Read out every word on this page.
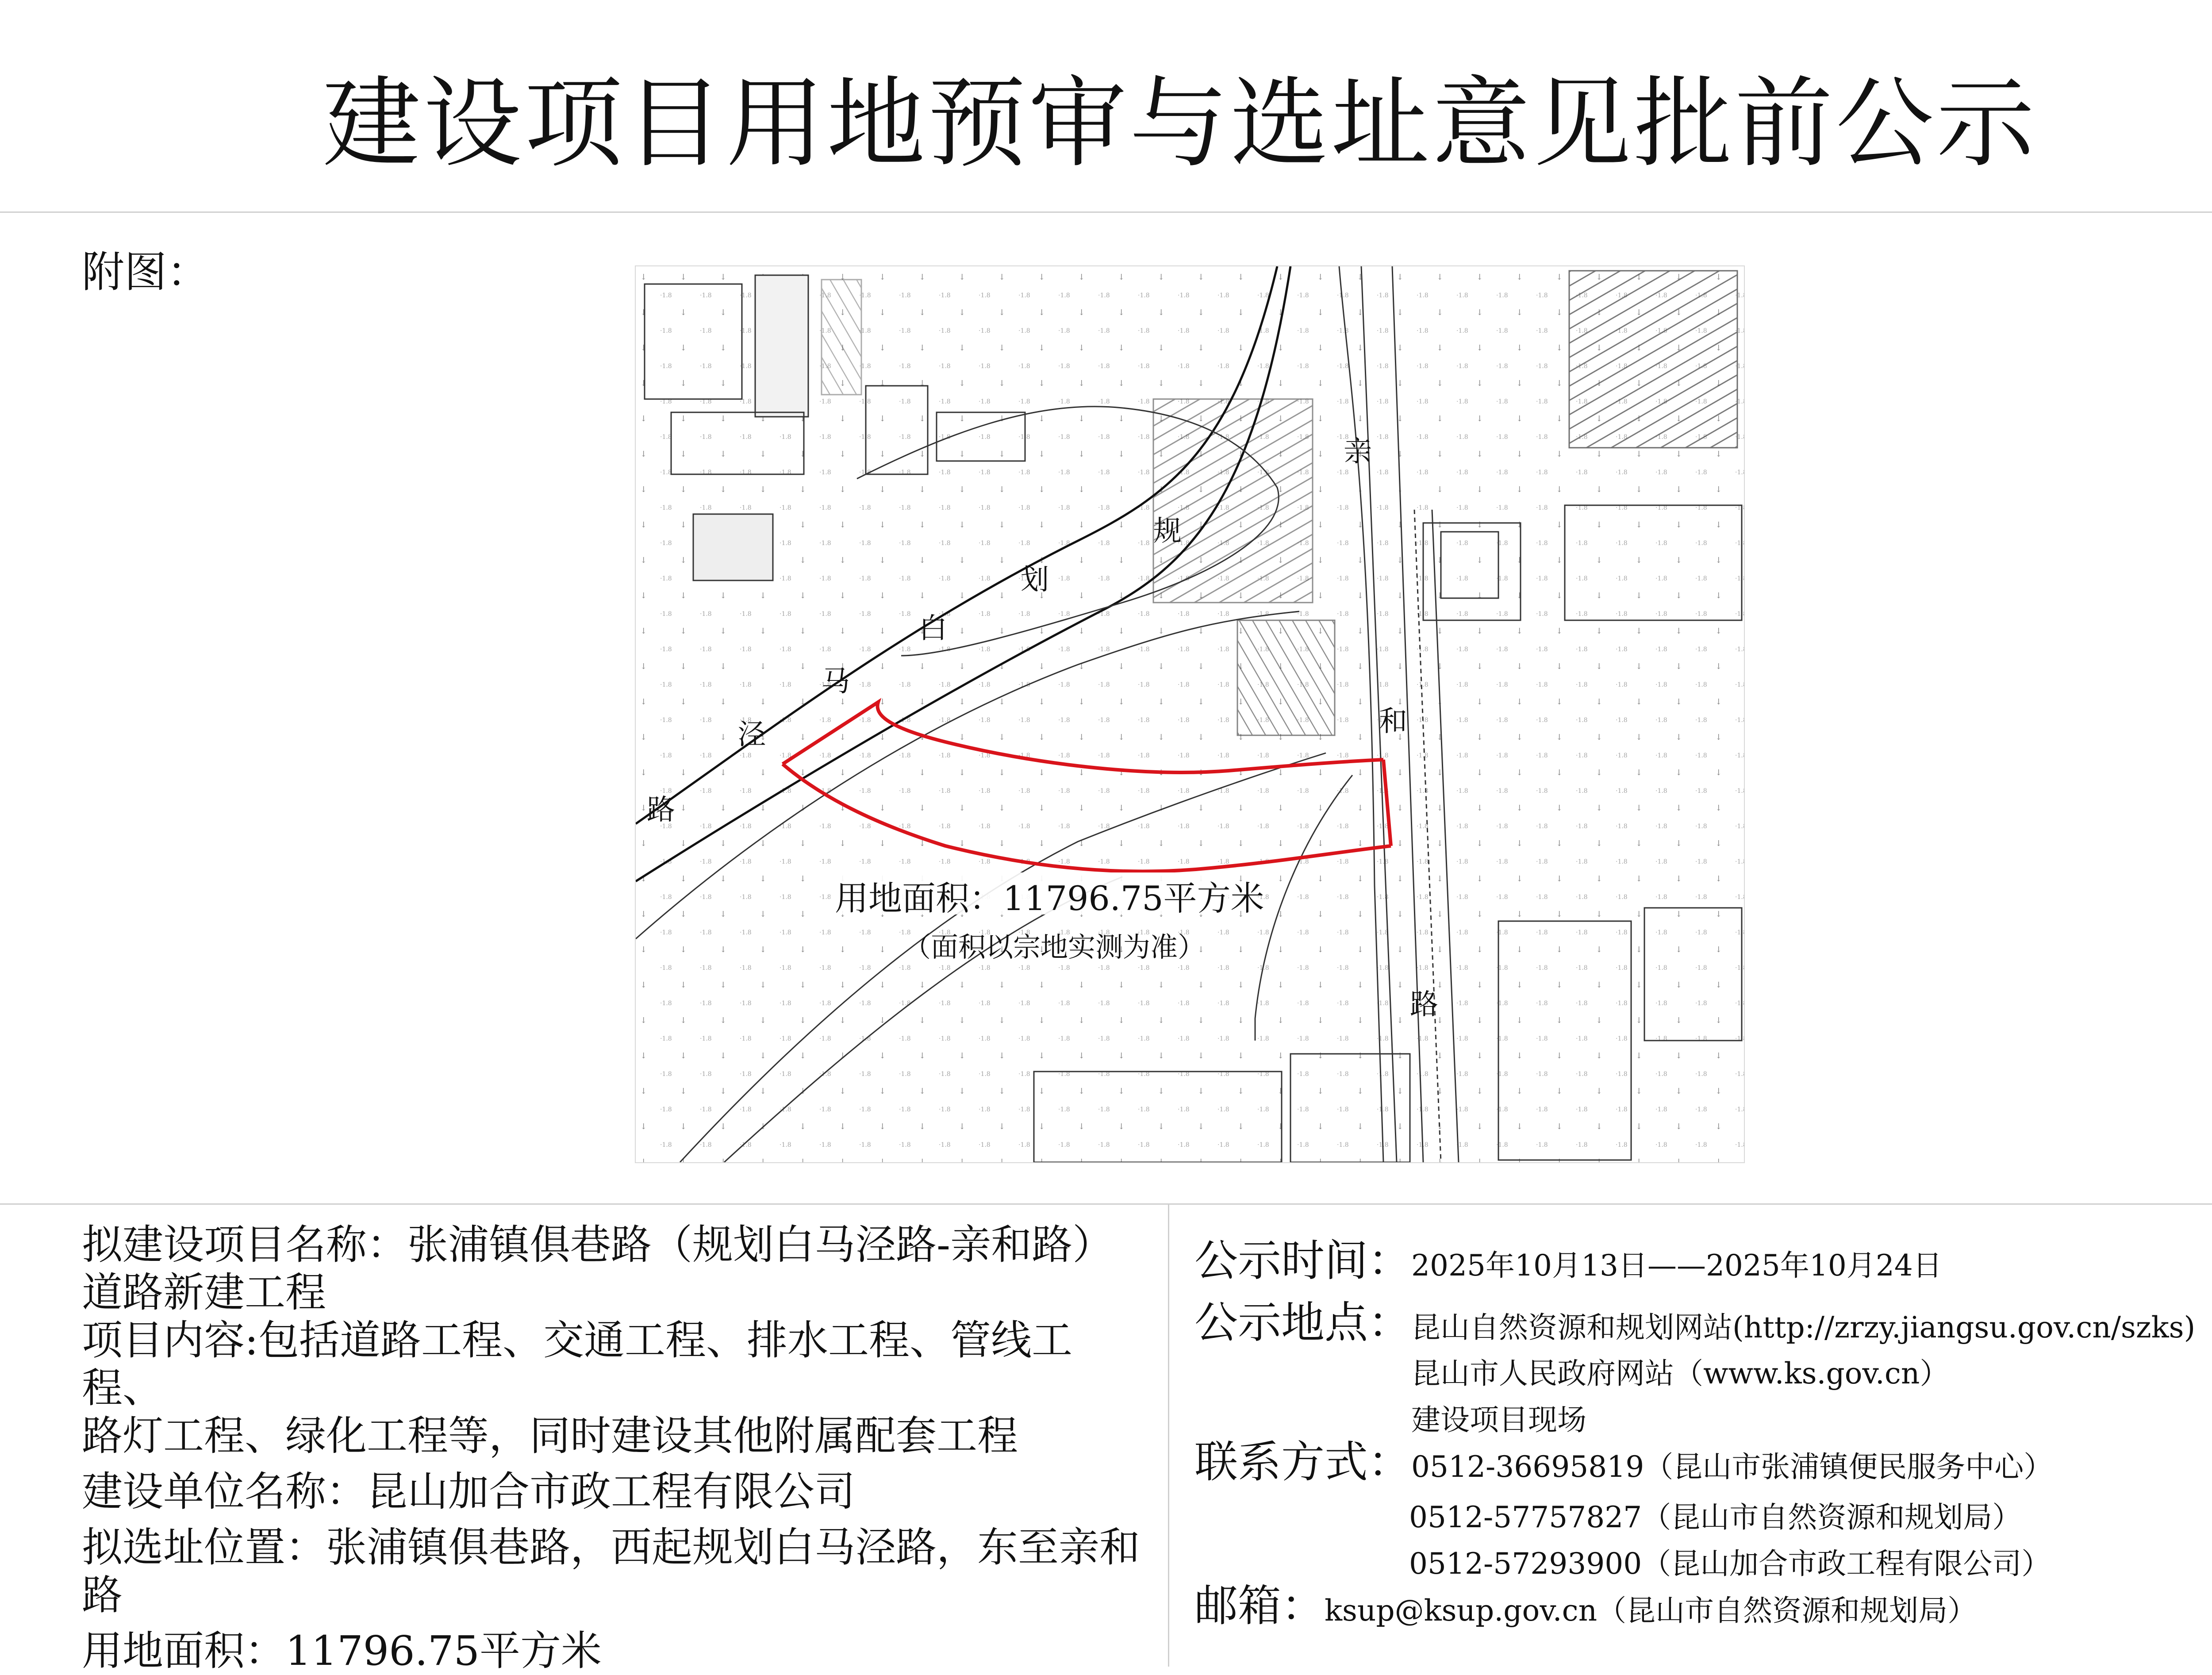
建设项目用地预审与选址意见批前公示
附图：
规
划
白
马
泾
路
亲
和
路
用地面积：11796.75平方米
（面积以宗地实测为准）
拟建设项目名称：张浦镇俱巷路（规划白马泾路-亲和路）
道路新建工程
项目内容:包括道路工程、交通工程、排水工程、管线工程、
路灯工程、绿化工程等，同时建设其他附属配套工程
建设单位名称：昆山加合市政工程有限公司
拟选址位置：张浦镇俱巷路，西起规划白马泾路，东至亲和
路
用地面积：11796.75平方米
公示时间：2025年10月13日——2025年10月24日
公示地点：昆山自然资源和规划网站(http://zrzy.jiangsu.gov.cn/szks)
昆山市人民政府网站（www.ks.gov.cn）
建设项目现场
联系方式：0512-36695819（昆山市张浦镇便民服务中心）
0512-57757827（昆山市自然资源和规划局）
0512-57293900（昆山加合市政工程有限公司）
邮箱：ksup@ksup.gov.cn（昆山市自然资源和规划局）
